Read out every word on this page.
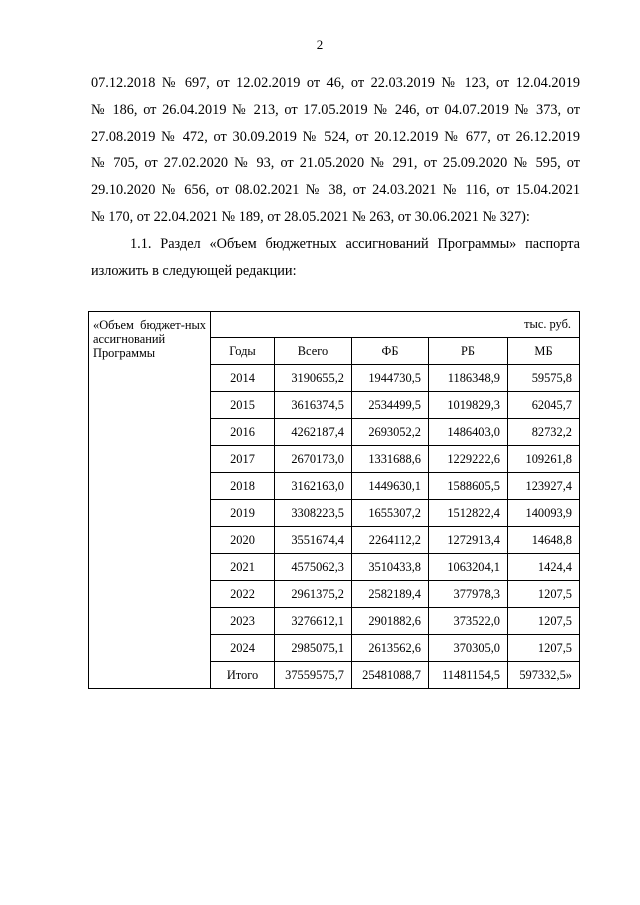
2
07.12.2018 № 697, от 12.02.2019 от 46, от 22.03.2019 № 123, от 12.04.2019
№ 186, от 26.04.2019 № 213, от 17.05.2019 № 246, от 04.07.2019 № 373, от
27.08.2019 № 472, от 30.09.2019 № 524, от 20.12.2019 № 677, от 26.12.2019
№ 705, от 27.02.2020 № 93, от 21.05.2020 № 291, от 25.09.2020 № 595, от
29.10.2020 № 656, от 08.02.2021 № 38, от 24.03.2021 № 116, от 15.04.2021
№ 170, от 22.04.2021 № 189, от 28.05.2021 № 263, от 30.06.2021 № 327):
1.1. Раздел «Объем бюджетных ассигнований Программы» паспорта
изложить в следующей редакции:
«Объем бюджет-ных ассигнований Программы	тыс. руб.				
	Годы	Всего	ФБ	РБ	МБ
	2014	3190655,2	1944730,5	1186348,9	59575,8
	2015	3616374,5	2534499,5	1019829,3	62045,7
	2016	4262187,4	2693052,2	1486403,0	82732,2
	2017	2670173,0	1331688,6	1229222,6	109261,8
	2018	3162163,0	1449630,1	1588605,5	123927,4
	2019	3308223,5	1655307,2	1512822,4	140093,9
	2020	3551674,4	2264112,2	1272913,4	14648,8
	2021	4575062,3	3510433,8	1063204,1	1424,4
	2022	2961375,2	2582189,4	377978,3	1207,5
	2023	3276612,1	2901882,6	373522,0	1207,5
	2024	2985075,1	2613562,6	370305,0	1207,5
	Итого	37559575,7	25481088,7	11481154,5	597332,5»
